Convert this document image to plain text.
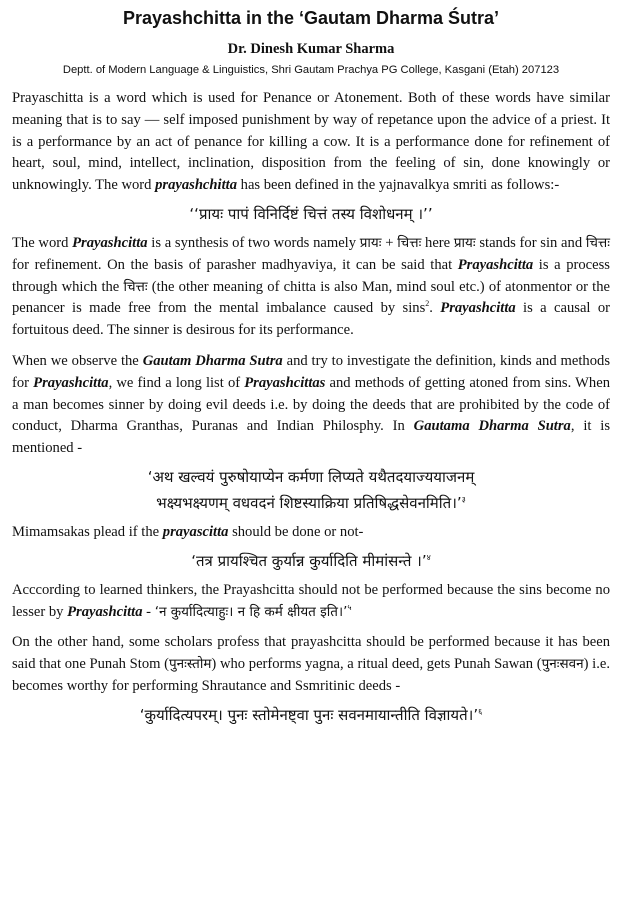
Prayashchitta in the ‘Gautam Dharma Śutra’
Dr. Dinesh Kumar Sharma
Deptt. of Modern Language & Linguistics, Shri Gautam Prachya PG College, Kasgani (Etah) 207123

Prayaschitta is a word which is used for Penance or Atonement. Both of these words have similar meaning that is to say — self imposed punishment by way of repetance upon the advice of a priest. It is a performance by an act of penance for killing a cow. It is a performance done for refinement of heart, soul, mind, intellect, inclination, disposition from the feeling of sin, done knowingly or unknowingly. The word prayashchitta has been defined in the yajnavalkya smriti as follows:-

‘‘प्रायः पापं विनिर्दिष्टं चित्तं तस्य विशोधनम् ।’’

The word Prayashcitta is a synthesis of two words namely प्रायः + चित्तः here प्रायः stands for sin and चित्तः for refinement. On the basis of parasher madhyaviya, it can be said that Prayashcitta is a process through which the चित्तः (the other meaning of chitta is also Man, mind soul etc.) of atonmentor or the penancer is made free from the mental imbalance caused by sins$^2$. Prayashcitta is a causal or fortuitous deed. The sinner is desirous for its performance.

When we observe the Gautam Dharma Sutra and try to investigate the definition, kinds and methods for Prayashcitta, we find a long list of Prayashcittas and methods of getting atoned from sins. When a man becomes sinner by doing evil deeds i.e. by doing the deeds that are prohibited by the code of conduct, Dharma Granthas, Puranas and Indian Philosphy. In Gautama Dharma Sutra, it is mentioned -

‘अथ खल्वयं पुरुषोयाप्येन कर्मणा लिप्यते यथैतदयाज्ययाजनम्
भक्ष्यभक्ष्यणम् वधवदनं शिष्टस्याक्रिया प्रतिषिद्धसेवनमिति।’$^३$

Mimamsakas plead if the prayascitta should be done or not-

‘तत्र प्रायश्चित कुर्यान्न कुर्यादिति मीमांसन्ते ।’$^४$

Acccording to learned thinkers, the Prayashcitta should not be performed because the sins become no lesser by Prayashcitta - ‘न कुर्यादित्याहुः। न हि कर्म क्षीयत इति।’$^५$

On the other hand, some scholars profess that prayashcitta should be performed because it has been said that one Punah Stom (पुनःस्तोम) who performs yagna, a ritual deed, gets Punah Sawan (पुनःसवन) i.e. becomes worthy for performing Shrautance and Ssmritinic deeds -

‘कुर्यादित्यपरम्। पुनः स्तोमेनष्ट्वा पुनः सवनमायान्तीति विज्ञायते।’$^६$
